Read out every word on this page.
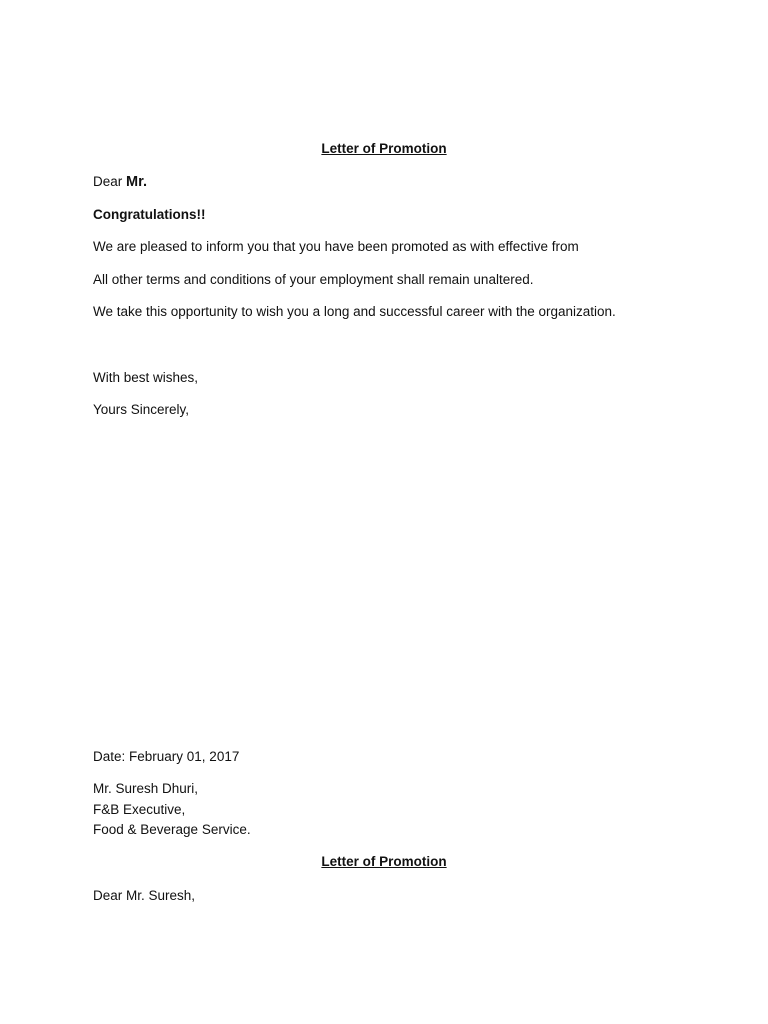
Letter of Promotion
Dear Mr.
Congratulations!!
We are pleased to inform you that you have been promoted as with effective from
All other terms and conditions of your employment shall remain unaltered.
We take this opportunity to wish you a long and successful career with the organization.
With best wishes,
Yours Sincerely,
Date: February 01, 2017
Mr. Suresh Dhuri,
F&B Executive,
Food & Beverage Service.
Letter of Promotion
Dear Mr. Suresh,
